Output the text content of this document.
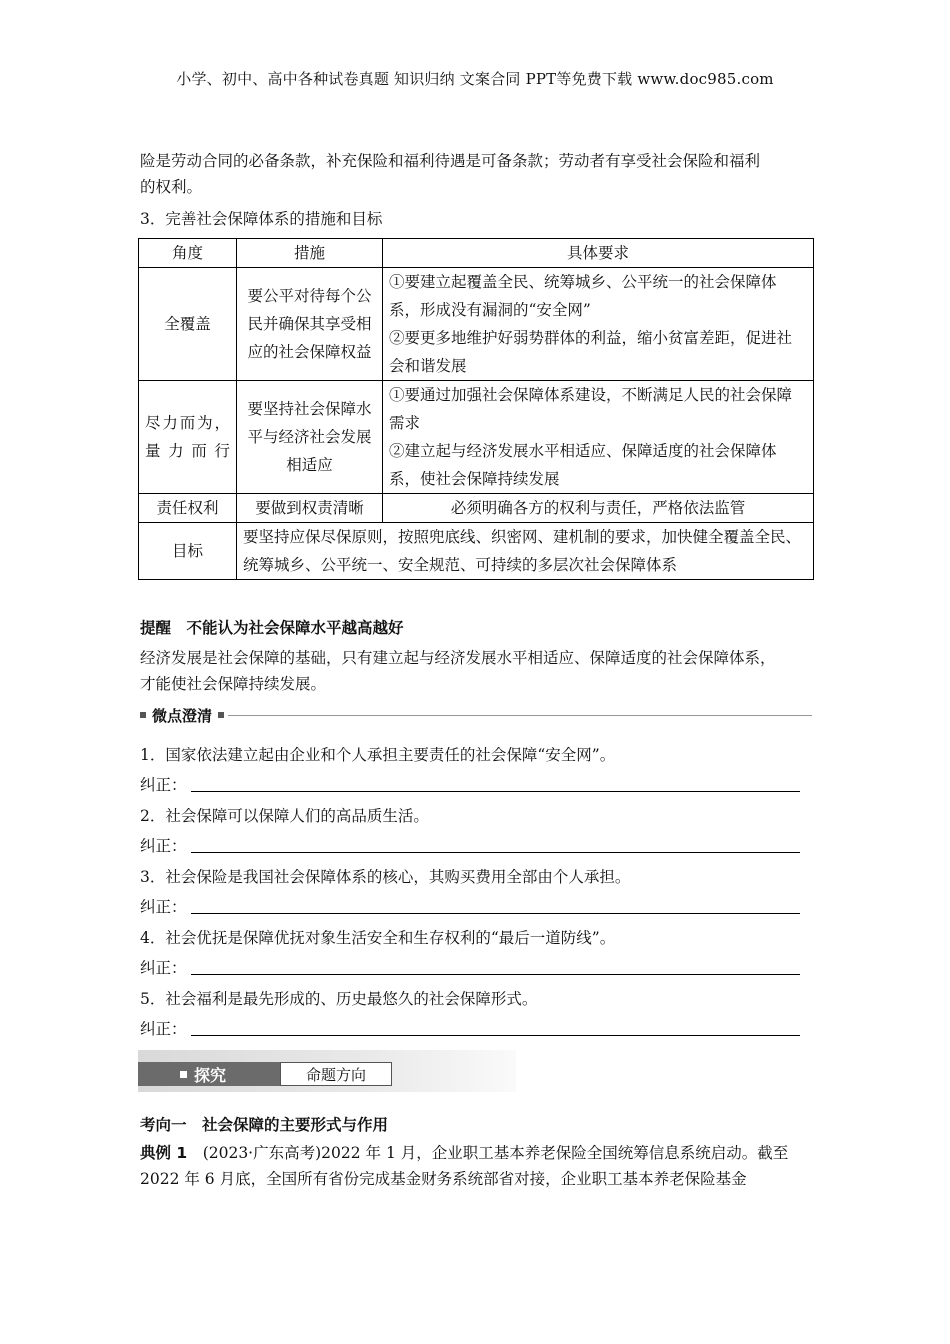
小学、初中、高中各种试卷真题 知识归纳 文案合同 PPT等免费下载 www.doc985.com
险是劳动合同的必备条款，补充保险和福利待遇是可备条款；劳动者有享受社会保险和福利
的权利。
3．完善社会保障体系的措施和目标
角度	措施	具体要求
全覆盖	要公平对待每个公民并确保其享受相应的社会保障权益	①要建立起覆盖全民、统筹城乡、公平统一的社会保障体系，形成没有漏洞的“安全网”
②要更多地维护好弱势群体的利益，缩小贫富差距，促进社会和谐发展

尽力而为，量力而行	要坚持社会保障水平与经济社会发展相适应	①要通过加强社会保障体系建设，不断满足人民的社会保障需求
②建立起与经济发展水平相适应、保障适度的社会保障体系，使社会保障持续发展

责任权利	要做到权责清晰	必须明确各方的权利与责任，严格依法监管
目标	要坚持应保尽保原则，按照兜底线、织密网、建机制的要求，加快健全覆盖全民、统筹城乡、公平统一、安全规范、可持续的多层次社会保障体系	
提醒　不能认为社会保障水平越高越好
经济发展是社会保障的基础，只有建立起与经济发展水平相适应、保障适度的社会保障体系，
才能使社会保障持续发展。
微点澄清
1．国家依法建立起由企业和个人承担主要责任的社会保障“安全网”。
纠正：
2．社会保障可以保障人们的高品质生活。
纠正：
3．社会保险是我国社会保障体系的核心，其购买费用全部由个人承担。
纠正：
4．社会优抚是保障优抚对象生活安全和生存权利的“最后一道防线”。
纠正：
5．社会福利是最先形成的、历史最悠久的社会保障形式。
纠正：
探究	命题方向
考向一　社会保障的主要形式与作用
典例 1　(2023·广东高考)2022 年 1 月，企业职工基本养老保险全国统筹信息系统启动。截至
2022 年 6 月底，全国所有省份完成基金财务系统部省对接，企业职工基本养老保险基金
